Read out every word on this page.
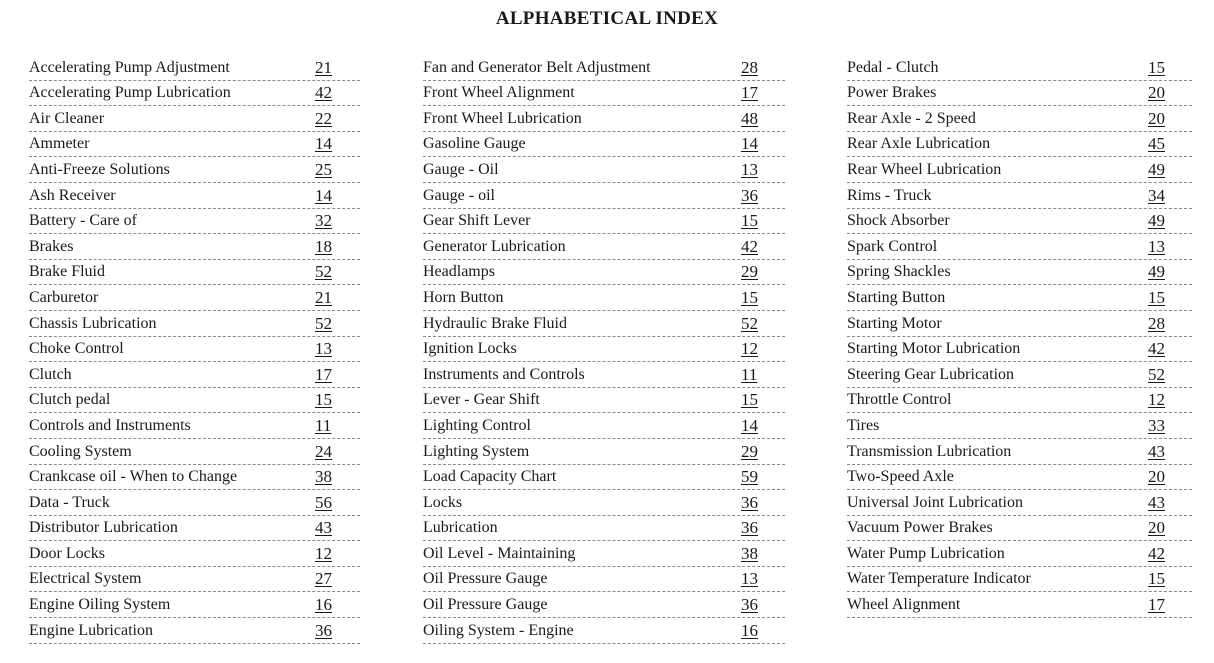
ALPHABETICAL INDEX
Accelerating Pump Adjustment	21
Accelerating Pump Lubrication	42
Air Cleaner	22
Ammeter	14
Anti-Freeze Solutions	25
Ash Receiver	14
Battery - Care of	32
Brakes	18
Brake Fluid	52
Carburetor	21
Chassis Lubrication	52
Choke Control	13
Clutch	17
Clutch pedal	15
Controls and Instruments	11
Cooling System	24
Crankcase oil - When to Change	38
Data - Truck	56
Distributor Lubrication	43
Door Locks	12
Electrical System	27
Engine Oiling System	16
Engine Lubrication	36
Fan and Generator Belt Adjustment	28
Front Wheel Alignment	17
Front Wheel Lubrication	48
Gasoline Gauge	14
Gauge - Oil	13
Gauge - oil	36
Gear Shift Lever	15
Generator Lubrication	42
Headlamps	29
Horn Button	15
Hydraulic Brake Fluid	52
Ignition Locks	12
Instruments and Controls	11
Lever - Gear Shift	15
Lighting Control	14
Lighting System	29
Load Capacity Chart	59
Locks	36
Lubrication	36
Oil Level - Maintaining	38
Oil Pressure Gauge	13
Oil Pressure Gauge	36
Oiling System - Engine	16
Pedal - Clutch	15
Power Brakes	20
Rear Axle - 2 Speed	20
Rear Axle Lubrication	45
Rear Wheel Lubrication	49
Rims - Truck	34
Shock Absorber	49
Spark Control	13
Spring Shackles	49
Starting Button	15
Starting Motor	28
Starting Motor Lubrication	42
Steering Gear Lubrication	52
Throttle Control	12
Tires	33
Transmission Lubrication	43
Two-Speed Axle	20
Universal Joint Lubrication	43
Vacuum Power Brakes	20
Water Pump Lubrication	42
Water Temperature Indicator	15
Wheel Alignment	17
